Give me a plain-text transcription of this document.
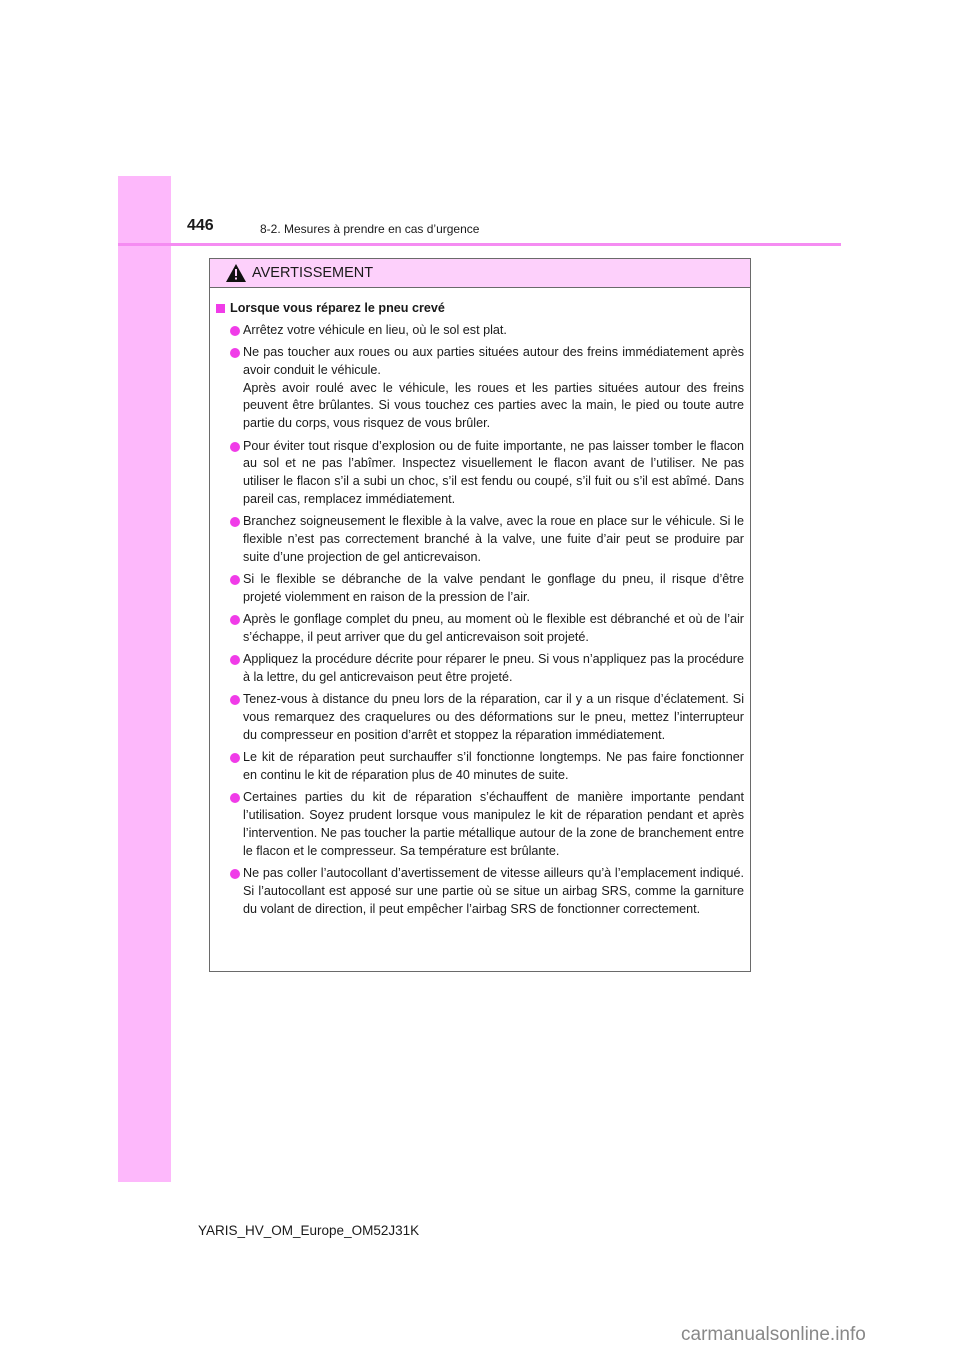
446	8-2. Mesures à prendre en cas d’urgence
AVERTISSEMENT
Lorsque vous réparez le pneu crevé

Arrêtez votre véhicule en lieu, où le sol est plat.

Ne pas toucher aux roues ou aux parties situées autour des freins immédiatement après avoir conduit le véhicule.

Après avoir roulé avec le véhicule, les roues et les parties situées autour des freins peuvent être brûlantes. Si vous touchez ces parties avec la main, le pied ou toute autre partie du corps, vous risquez de vous brûler.

Pour éviter tout risque d’explosion ou de fuite importante, ne pas laisser tomber le flacon au sol et ne pas l’abîmer. Inspectez visuellement le flacon avant de l’utiliser. Ne pas utiliser le flacon s’il a subi un choc, s’il est fendu ou coupé, s’il fuit ou s’il est abîmé. Dans pareil cas, remplacez immédiatement.

Branchez soigneusement le flexible à la valve, avec la roue en place sur le véhicule. Si le flexible n’est pas correctement branché à la valve, une fuite d’air peut se produire par suite d’une projection de gel anticrevaison.

Si le flexible se débranche de la valve pendant le gonflage du pneu, il risque d’être projeté violemment en raison de la pression de l’air.

Après le gonflage complet du pneu, au moment où le flexible est débranché et où de l’air s’échappe, il peut arriver que du gel anticrevaison soit projeté.

Appliquez la procédure décrite pour réparer le pneu. Si vous n’appliquez pas la procédure à la lettre, du gel anticrevaison peut être projeté.

Tenez-vous à distance du pneu lors de la réparation, car il y a un risque d’éclatement. Si vous remarquez des craquelures ou des déformations sur le pneu, mettez l’interrupteur du compresseur en position d’arrêt et stoppez la réparation immédiatement.

Le kit de réparation peut surchauffer s’il fonctionne longtemps. Ne pas faire fonctionner en continu le kit de réparation plus de 40 minutes de suite.

Certaines parties du kit de réparation s’échauffent de manière importante pendant l’utilisation. Soyez prudent lorsque vous manipulez le kit de réparation pendant et après l’intervention. Ne pas toucher la partie métallique autour de la zone de branchement entre le flacon et le compresseur. Sa température est brûlante.

Ne pas coller l’autocollant d’avertissement de vitesse ailleurs qu’à l’emplacement indiqué. Si l’autocollant est apposé sur une partie où se situe un airbag SRS, comme la garniture du volant de direction, il peut empêcher l’airbag SRS de fonctionner correctement.

YARIS_HV_OM_Europe_OM52J31K
carmanualsonline.info
